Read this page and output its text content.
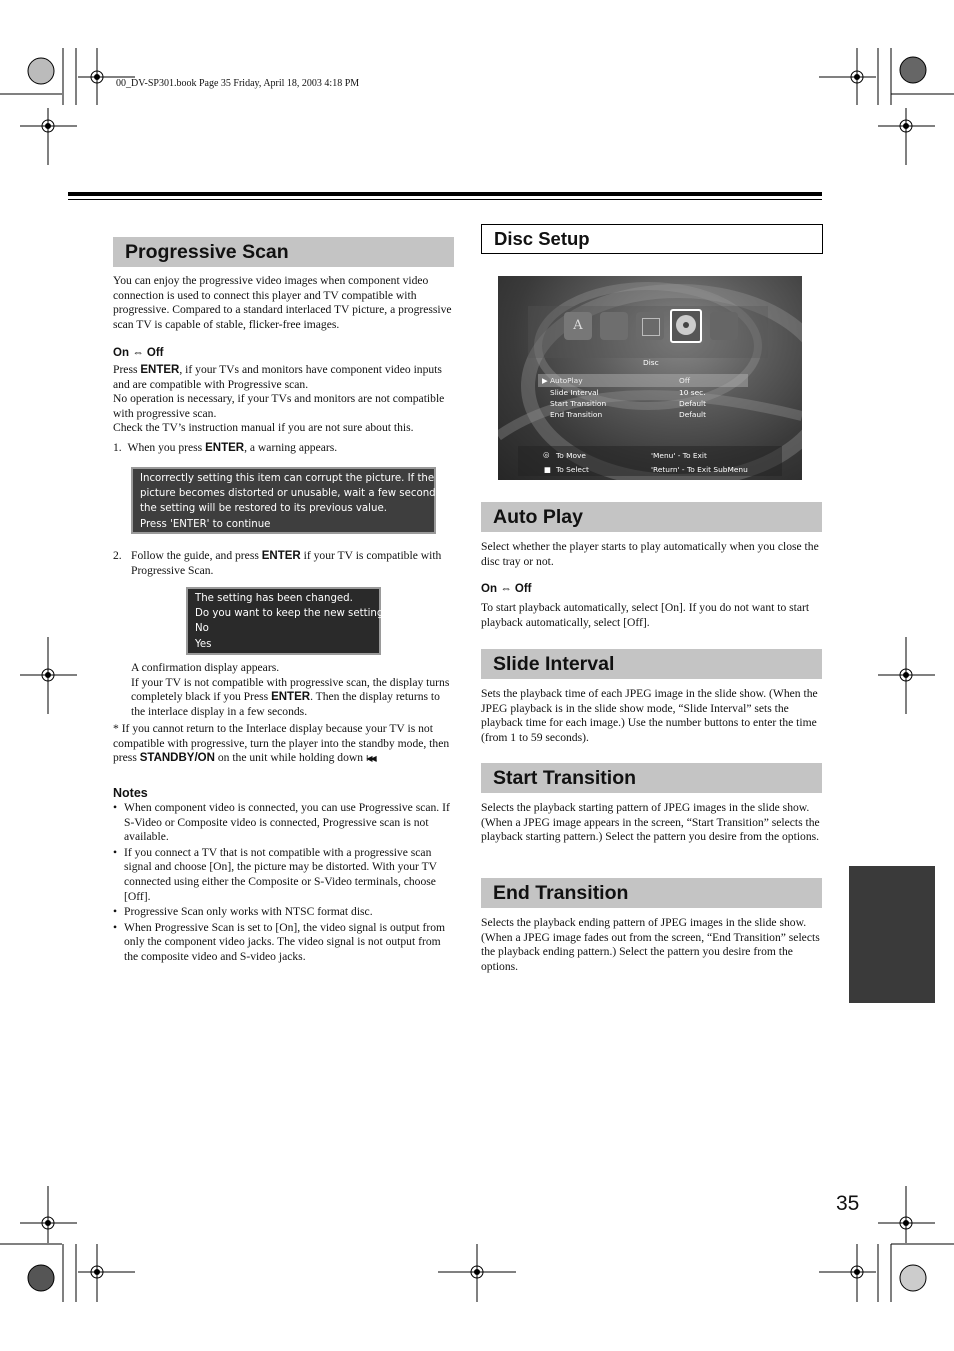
00_DV-SP301.book Page 35 Friday, April 18, 2003 4:18 PM
35
Progressive Scan

You can enjoy the progressive video images when component video connection is used to connect this player and TV compatible with progressive. Compared to a standard interlaced TV picture, a progressive scan TV is capable of stable, flicker-free images.

On ⇔ Off

Press ENTER, if your TVs and monitors have component video inputs and are compatible with Progressive scan.

No operation is necessary, if your TVs and monitors are not compatible with progressive scan.

Check the TV’s instruction manual if you are not sure about this.

1. When you press ENTER, a warning appears.
Incorrectly setting this item can corrupt the picture. If the
picture becomes distorted or unusable, wait a few seconds and
the setting will be restored to its previous value.
Press 'ENTER' to continue
2. Follow the guide, and press ENTER if your TV is compatible with Progressive Scan.
The setting has been changed.
Do you want to keep the new setting?
No
Yes

A confirmation display appears.

If your TV is not compatible with progressive scan, the display turns completely black if you Press ENTER. Then the display returns to the interlace display in a few seconds.

* If you cannot return to the Interlace display because your TV is not compatible with progressive, turn the player into the standby mode, then press STANDBY/ON on the unit while holding down I◀◀.
Notes
• When component video is connected, you can use Progressive scan. If S-Video or Composite video is connected, Progressive scan is not available.
• If you connect a TV that is not compatible with a progressive scan signal and choose [On], the picture may be distorted. With your TV connected using either the Composite or S-Video terminals, choose [Off].
• Progressive Scan only works with NTSC format disc.
• When Progressive Scan is set to [On], the video signal is output from only the component video jacks. The video signal is not output from the composite video and S-video jacks.
Disc Setup
A
Disc
▶ AutoPlay	Off
Slide Interval	10 sec.
Start Transition	Default
End Transition	Default
◎ To Move
■ To Select
'Menu' - To Exit
'Return' - To Exit SubMenu
Auto Play
Select whether the player starts to play automatically when you close the disc tray or not.
On ⇔ Off
To start playback automatically, select [On]. If you do not want to start playback automatically, select [Off].
Slide Interval
Sets the playback time of each JPEG image in the slide show. (When the JPEG playback is in the slide show mode, “Slide Interval” sets the playback time for each image.) Use the number buttons to enter the time (from 1 to 59 seconds).
Start Transition
Selects the playback starting pattern of JPEG images in the slide show. (When a JPEG image appears in the screen, “Start Transition” selects the playback starting pattern.) Select the pattern you desire from the options.
End Transition
Selects the playback ending pattern of JPEG images in the slide show. (When a JPEG image fades out from the screen, “End Transition” selects the playback ending pattern.) Select the pattern you desire from the options.
